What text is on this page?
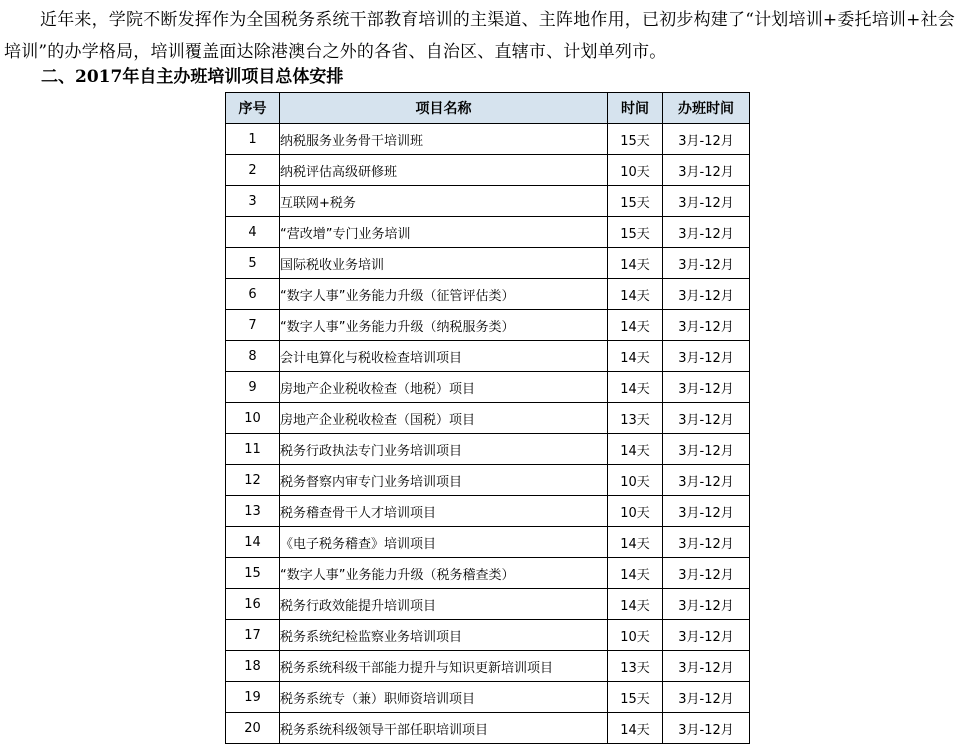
近年来，学院不断发挥作为全国税务系统干部教育培训的主渠道、主阵地作用，已初步构建了“计划培训+委托培训+社会培训”的办学格局，培训覆盖面达除港澳台之外的各省、自治区、直辖市、计划单列市。

二、2017年自主办班培训项目总体安排
序号	项目名称	时间	办班时间
1	纳税服务业务骨干培训班	15天	3月-12月
2	纳税评估高级研修班	10天	3月-12月
3	互联网+税务	15天	3月-12月
4	“营改增”专门业务培训	15天	3月-12月
5	国际税收业务培训	14天	3月-12月
6	“数字人事”业务能力升级（征管评估类）	14天	3月-12月
7	“数字人事”业务能力升级（纳税服务类）	14天	3月-12月
8	会计电算化与税收检查培训项目	14天	3月-12月
9	房地产企业税收检查（地税）项目	14天	3月-12月
10	房地产企业税收检查（国税）项目	13天	3月-12月
11	税务行政执法专门业务培训项目	14天	3月-12月
12	税务督察内审专门业务培训项目	10天	3月-12月
13	税务稽查骨干人才培训项目	10天	3月-12月
14	《电子税务稽查》培训项目	14天	3月-12月
15	“数字人事”业务能力升级（税务稽查类）	14天	3月-12月
16	税务行政效能提升培训项目	14天	3月-12月
17	税务系统纪检监察业务培训项目	10天	3月-12月
18	税务系统科级干部能力提升与知识更新培训项目	13天	3月-12月
19	税务系统专（兼）职师资培训项目	15天	3月-12月
20	税务系统科级领导干部任职培训项目	14天	3月-12月
